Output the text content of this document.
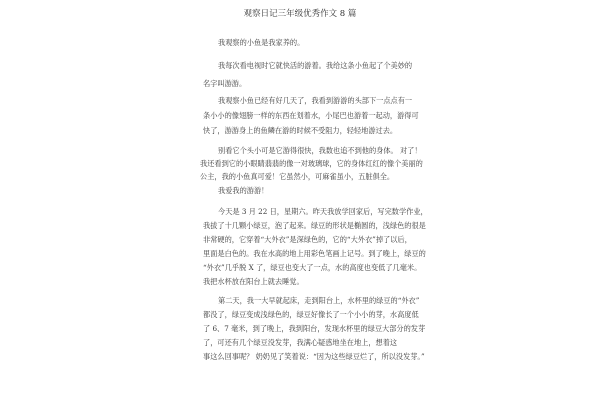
观察日记三年级优秀作文 8 篇
我观察的小鱼是我家养的。
我每次看电视时它就快活的游着。我给这条小鱼起了个美妙的
名字叫游游。
我观察小鱼已经有好几天了，我看到游游的头部下一点点有一
条小小的像翅膀一样的东西在划着水，小尾巴也游着一起动，游得可
快了，游游身上的鱼鳞在游的时候不受阻力，轻轻地游过去。
别看它个头小可是它游得很快，我数也追不到他的身体。 对了！
我还看到它的小眼睛翡翡的像一对玻璃球，它的身体红红的像个美丽的
公主，我的小鱼真可爱！它虽然小，可麻雀虽小，五脏俱全。
我爱我的游游！
今天是 3 月 22 日，星期六。昨天我放学回家后，写完数学作业，
我拔了十几颗小绿豆，泡了起来。绿豆的形状是椭圆的，浅绿色的很是
非常硬的，它穿着“大外衣”是深绿色的，它的“大外衣”掉了以后，
里面是白色的。我在水高的地上用彩色笔画上记号。到了晚上，绿豆的
“外衣”几乎脱 X 了，绿豆也变大了一点，水的高度也变低了几毫米。
我把水杯放在阳台上就去睡觉。
第二天，我一大早就起床，走到阳台上，水杯里的绿豆的“外衣”
都没了，绿豆变成浅绿色的，绿豆好像长了一个小小的芽，水高度低
了 6、7 毫米，到了晚上，我到阳台，发现水杯里的绿豆大部分的发芽
了，可还有几个绿豆没发芽，我满心疑惑地坐在地上，想着这
事这么回事呢？ 奶奶见了笑着说：“因为这些绿豆烂了，所以没发芽。”
